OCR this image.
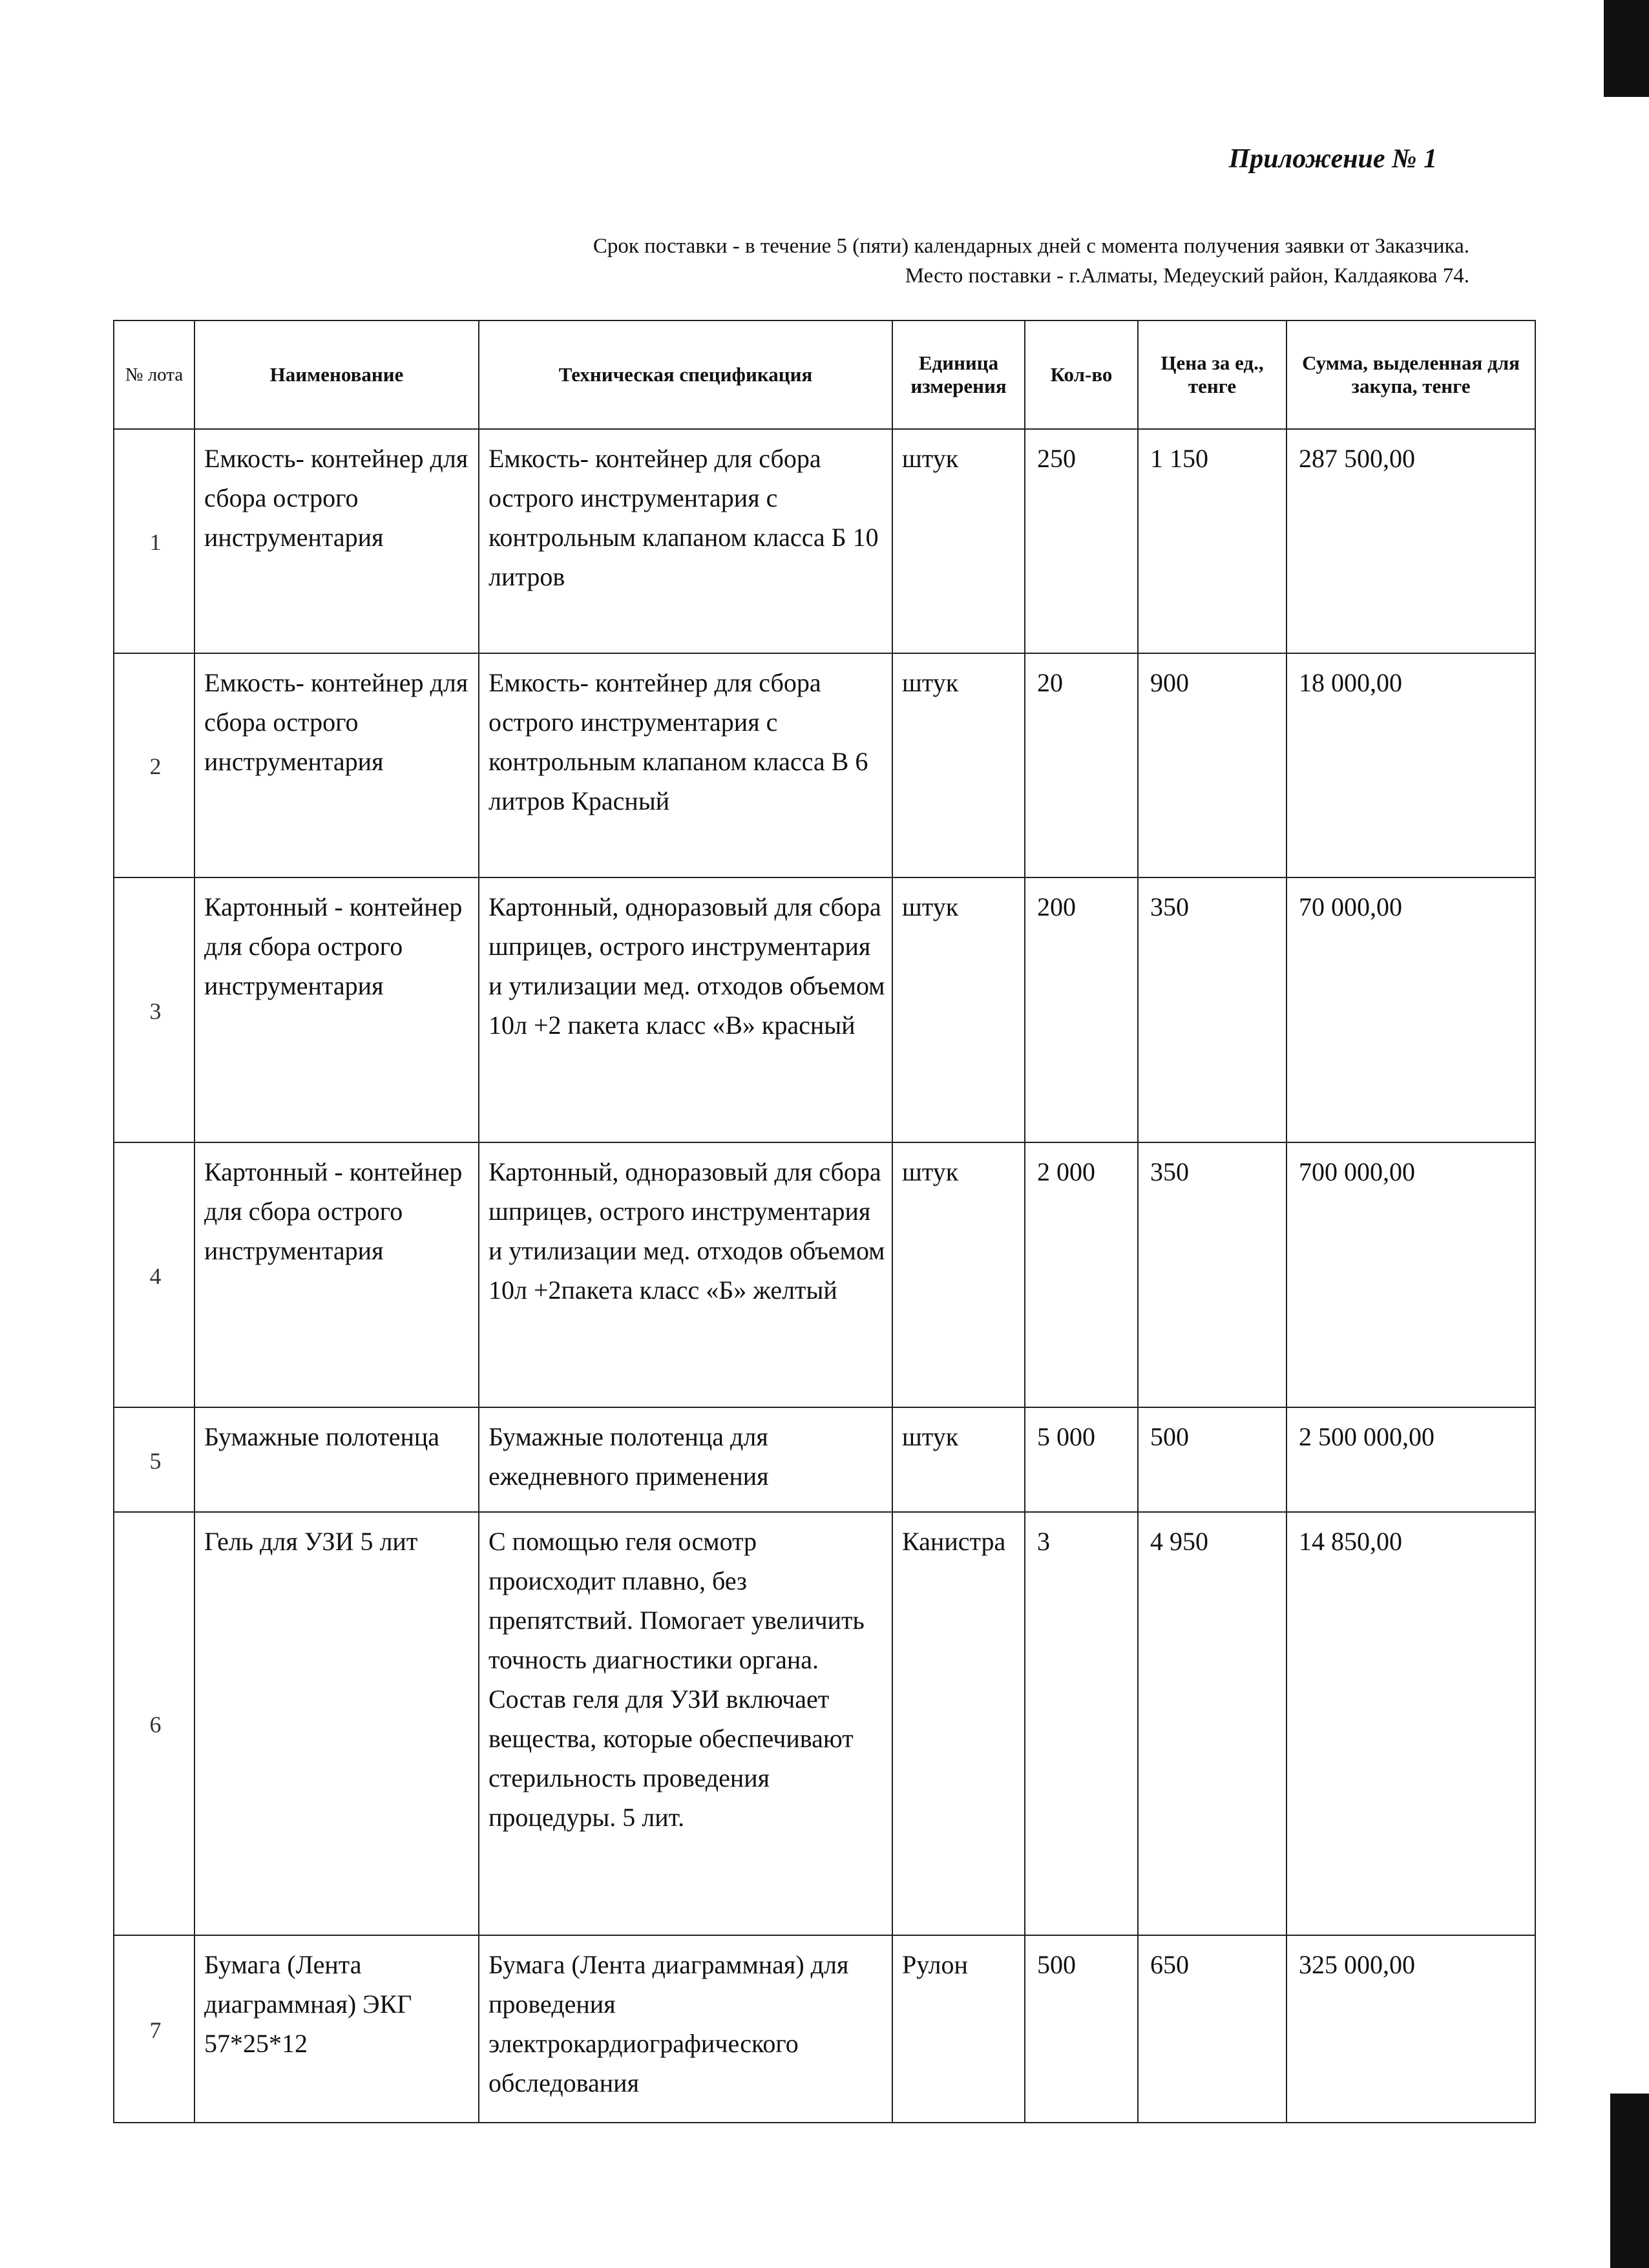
Приложение № 1
Срок поставки - в течение 5 (пяти) календарных дней с момента получения заявки от Заказчика.
Место поставки - г.Алматы, Медеуский район, Калдаякова 74.
№ лота	Наименование	Техническая спецификация	Единица измерения	Кол-во	Цена за ед., тенге	Сумма, выделенная для закупа, тенге
1	Емкость- контейнер для сбора острого инструментария	Емкость- контейнер для сбора острого инструментария с контрольным клапаном класса Б 10 литров	штук	250	1 150	287 500,00
2	Емкость- контейнер для сбора острого инструментария	Емкость- контейнер для сбора острого инструментария с контрольным клапаном класса В 6 литров Красный	штук	20	900	18 000,00
3	Картонный - контейнер для сбора острого инструментария	Картонный, одноразовый для сбора шприцев, острого инструментария и утилизации мед. отходов объемом 10л +2 пакета класс «В» красный	штук	200	350	70 000,00
4	Картонный - контейнер для сбора острого инструментария	Картонный, одноразовый для сбора шприцев, острого инструментария и утилизации мед. отходов объемом 10л +2пакета класс «Б» желтый	штук	2 000	350	700 000,00
5	Бумажные полотенца	Бумажные полотенца для ежедневного применения	штук	5 000	500	2 500 000,00
6	Гель для УЗИ 5 лит	С помощью геля осмотр происходит плавно, без препятствий. Помогает увеличить точность диагностики органа. Состав геля для УЗИ включает вещества, которые обеспечивают стерильность проведения процедуры. 5 лит.	Канистра	3	4 950	14 850,00
7	Бумага (Лента диаграммная) ЭКГ 57*25*12	Бумага (Лента диаграммная) для проведения электрокардиографического обследования	Рулон	500	650	325 000,00
